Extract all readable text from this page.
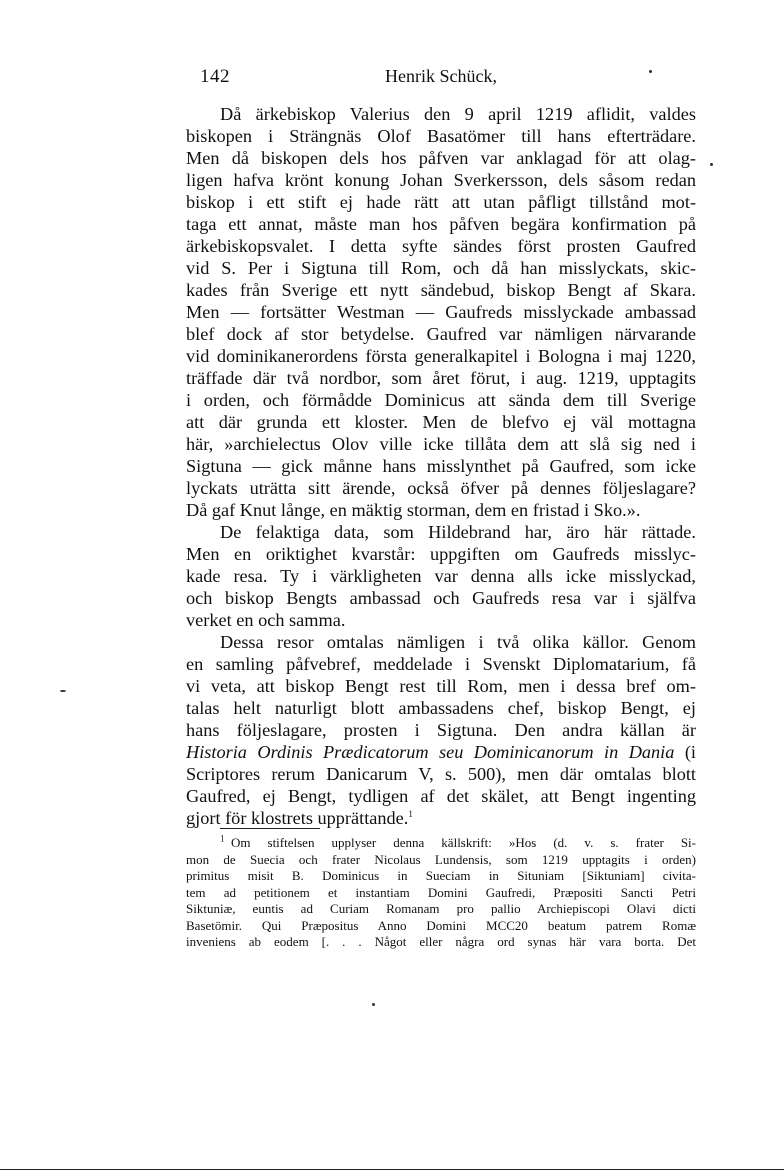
142	Henrik Schück,
Då ärkebiskop Valerius den 9 april 1219 aflidit, valdes
biskopen i Strängnäs Olof Basatömer till hans efterträdare.
Men då biskopen dels hos påfven var anklagad för att olag-
ligen hafva krönt konung Johan Sverkersson, dels såsom redan
biskop i ett stift ej hade rätt att utan påfligt tillstånd mot-
taga ett annat, måste man hos påfven begära konfirmation på
ärkebiskopsvalet. I detta syfte sändes först prosten Gaufred
vid S. Per i Sigtuna till Rom, och då han misslyckats, skic-
kades från Sverige ett nytt sändebud, biskop Bengt af Skara.
Men — fortsätter Westman — Gaufreds misslyckade ambassad
blef dock af stor betydelse. Gaufred var nämligen närvarande
vid dominikanerordens första generalkapitel i Bologna i maj 1220,
träffade där två nordbor, som året förut, i aug. 1219, upptagits
i orden, och förmådde Dominicus att sända dem till Sverige
att där grunda ett kloster. Men de blefvo ej väl mottagna
här, »archielectus Olov ville icke tillåta dem att slå sig ned i
Sigtuna — gick månne hans misslynthet på Gaufred, som icke
lyckats uträtta sitt ärende, också öfver på dennes följeslagare?
Då gaf Knut långe, en mäktig storman, dem en fristad i Sko.».
De felaktiga data, som Hildebrand har, äro här rättade.
Men en oriktighet kvarstår: uppgiften om Gaufreds misslyc-
kade resa. Ty i värkligheten var denna alls icke misslyckad,
och biskop Bengts ambassad och Gaufreds resa var i själfva
verket en och samma.
Dessa resor omtalas nämligen i två olika källor. Genom
en samling påfvebref, meddelade i Svenskt Diplomatarium, få
vi veta, att biskop Bengt rest till Rom, men i dessa bref om-
talas helt naturligt blott ambassadens chef, biskop Bengt, ej
hans följeslagare, prosten i Sigtuna. Den andra källan är
Historia Ordinis Prædicatorum seu Dominicanorum in Dania (i
Scriptores rerum Danicarum V, s. 500), men där omtalas blott
Gaufred, ej Bengt, tydligen af det skälet, att Bengt ingenting
gjort för klostrets upprättande.$^1$
$^1$  Om stiftelsen upplyser denna källskrift: »Hos (d. v. s. frater Si-
mon de Suecia och frater Nicolaus Lundensis, som 1219 upptagits i orden)
primitus misit B. Dominicus in Sueciam in Situniam [Siktuniam] civita-
tem ad petitionem et instantiam Domini Gaufredi, Præpositi Sancti Petri
Siktuniæ, euntis ad Curiam Romanam pro pallio Archiepiscopi Olavi dicti
Basetömir. Qui Præpositus Anno Domini MCC20 beatum patrem Romæ
inveniens ab eodem [. . . Något eller några ord synas här vara borta. Det
